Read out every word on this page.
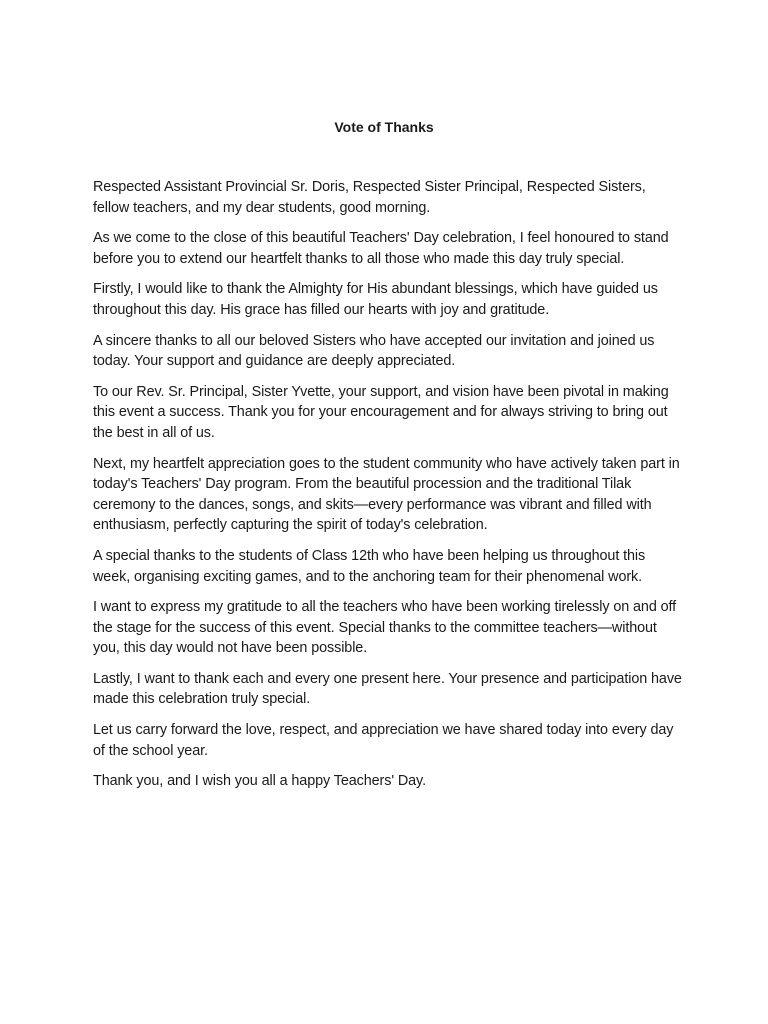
Vote of Thanks

Respected Assistant Provincial Sr. Doris, Respected Sister Principal, Respected Sisters, fellow teachers, and my dear students, good morning.

As we come to the close of this beautiful Teachers' Day celebration, I feel honoured to stand before you to extend our heartfelt thanks to all those who made this day truly special.

Firstly, I would like to thank the Almighty for His abundant blessings, which have guided us throughout this day. His grace has filled our hearts with joy and gratitude.

A sincere thanks to all our beloved Sisters who have accepted our invitation and joined us today. Your support and guidance are deeply appreciated.

To our Rev. Sr. Principal, Sister Yvette, your support, and vision have been pivotal in making this event a success. Thank you for your encouragement and for always striving to bring out the best in all of us.

Next, my heartfelt appreciation goes to the student community who have actively taken part in today's Teachers' Day program. From the beautiful procession and the traditional Tilak ceremony to the dances, songs, and skits—every performance was vibrant and filled with enthusiasm, perfectly capturing the spirit of today's celebration.

A special thanks to the students of Class 12th who have been helping us throughout this week, organising exciting games, and to the anchoring team for their phenomenal work.

I want to express my gratitude to all the teachers who have been working tirelessly on and off the stage for the success of this event. Special thanks to the committee teachers—without you, this day would not have been possible.

Lastly, I want to thank each and every one present here. Your presence and participation have made this celebration truly special.

Let us carry forward the love, respect, and appreciation we have shared today into every day of the school year.

Thank you, and I wish you all a happy Teachers' Day.
